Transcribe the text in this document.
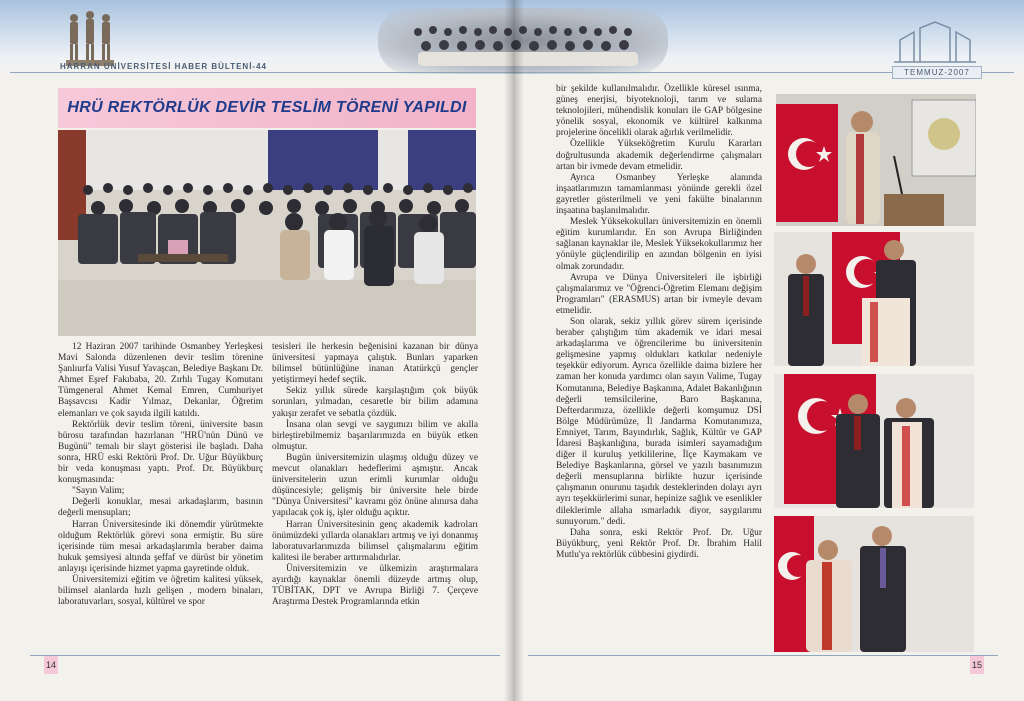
HARRAN ÜNİVERSİTESİ HABER BÜLTENİ-44
TEMMUZ-2007
HRÜ REKTÖRLÜK DEVİR TESLİM TÖRENİ YAPILDI

12 Haziran 2007 tarihinde Osmanbey Yerleşkesi Mavi Salonda düzenlenen devir teslim törenine Şanlıurfa Valisi Yusuf Yavaşcan, Belediye Başkanı Dr. Ahmet Eşref Fakıbaba, 20. Zırhlı Tugay Komutanı Tümgeneral Ahmet Kemal Emren, Cumhuriyet Başsavcısı Kadir Yılmaz, Dekanlar, Öğretim elemanları ve çok sayıda ilgili katıldı.

Rektörlük devir teslim töreni, üniversite basın bürosu tarafından hazırlanan "HRÜ'nün Dünü ve Bugünü" temalı bir slayt gösterisi ile başladı. Daha sonra, HRÜ eski Rektörü Prof. Dr. Uğur Büyükburç bir veda konuşması yaptı. Prof. Dr. Büyükburç konuşmasında:

"Sayın Valim;

Değerli konuklar, mesai arkadaşlarım, basının değerli mensupları;

Harran Üniversitesinde iki dönemdir yürütmekte olduğum Rektörlük görevi sona ermiştir. Bu süre içerisinde tüm mesai arkadaşlarımla beraber daima hukuk şemsiyesi altında şeffaf ve dürüst bir yönetim anlayışı içerisinde hizmet yapma gayretinde olduk.

Üniversitemizi eğitim ve öğretim kalitesi yüksek, bilimsel alanlarda hızlı gelişen , modern binaları, laboratuvarları, sosyal, kültürel ve spor

tesisleri ile herkesin beğenisini kazanan bir dünya üniversitesi yapmaya çalıştık. Bunları yaparken bilimsel bütünlüğüne inanan Atatürkçü gençler yetiştirmeyi hedef seçtik.

Sekiz yıllık sürede karşılaştığım çok büyük sorunları, yılmadan, cesaretle bir bilim adamına yakışır zerafet ve sebatla çözdük.

İnsana olan sevgi ve saygımızı bilim ve akılla birleştirebilmemiz başarılarımızda en büyük etken olmuştur.

Bugün üniversitemizin ulaşmış olduğu düzey ve mevcut olanakları hedeflerimi aşmıştır. Ancak üniversitelerin uzun erimli kurumlar olduğu düşüncesiyle; gelişmiş bir üniversite hele birde "Dünya Üniversitesi" kavramı göz önüne alınırsa daha yapılacak çok iş, işler olduğu açıktır.

Harran Üniversitesinin genç akademik kadroları önümüzdeki yıllarda olanakları artmış ve iyi donanmış laboratuvarlarımızda bilimsel çalışmalarını eğitim kalitesi ile beraber arttırmalıdırlar.

Üniversitemizin ve ülkemizin araştırmalara ayırdığı kaynaklar önemli düzeyde artmış olup, TÜBİTAK, DPT ve Avrupa Birliği 7. Çerçeve Araştırma Destek Programlarında etkin

bir şekilde kullanılmalıdır. Özellikle küresel ısınma, güneş enerjisi, biyoteknoloji, tarım ve sulama teknolojileri, mühendislik konuları ile GAP bölgesine yönelik sosyal, ekonomik ve kültürel kalkınma projelerine öncelikli olarak ağırlık verilmelidir.

Özellikle Yükseköğretim Kurulu Kararları doğrultusunda akademik değerlendirme çalışmaları artan bir ivmede devam etmelidir.

Ayrıca Osmanbey Yerleşke alanında inşaatlarımızın tamamlanması yönünde gerekli özel gayretler gösterilmeli ve yeni fakülte binalarının inşaatına başlanılmalıdır.

Meslek Yüksekokulları üniversitemizin en önemli eğitim kurumlarıdır. En son Avrupa Birliğinden sağlanan kaynaklar ile, Meslek Yüksekokullarımız her yönüyle güçlendirilip en azından bölgenin en iyisi olmak zorundadır.

Avrupa ve Dünya Üniversiteleri ile işbirliği çalışmalarımız ve "Öğrenci-Öğretim Elemanı değişim Programları" (ERASMUS) artan bir ivmeyle devam etmelidir.

Son olarak, sekiz yıllık görev sürem içerisinde beraber çalıştığım tüm akademik ve idari mesai arkadaşlarıma ve öğrencilerime bu üniversitenin gelişmesine yapmış oldukları katkılar nedeniyle teşekkür ediyorum. Ayrıca özellikle daima bizlere her zaman her konuda yardımcı olan sayın Valime, Tugay Komutanına, Belediye Başkanına, Adalet Bakanlığının değerli temsilcilerine, Baro Başkanına, Defterdarımıza, özellikle değerli komşumuz DSİ Bölge Müdürümüze, İl Jandarma Komutanımıza, Emniyet, Tarım, Bayındırlık, Sağlık, Kültür ve GAP İdaresi Başkanlığına, burada isimleri sayamadığım diğer il kuruluş yetkililerine, İlçe Kaymakam ve Belediye Başkanlarına, görsel ve yazılı basınımızın değerli mensuplarına birlikte huzur içerisinde çalışmanın onurunu taşıdık desteklerinden dolayı ayrı ayrı teşekkürlerimi sunar, hepinize sağlık ve esenlikler dileklerimle allaha ısmarladık diyor, saygılarımı sunuyorum." dedi.

Daha sonra, eski Rektör Prof. Dr. Uğur Büyükburç, yeni Rektör Prof. Dr. İbrahim Halil Mutlu'ya rektörlük cübbesini giydirdi.

14	15
